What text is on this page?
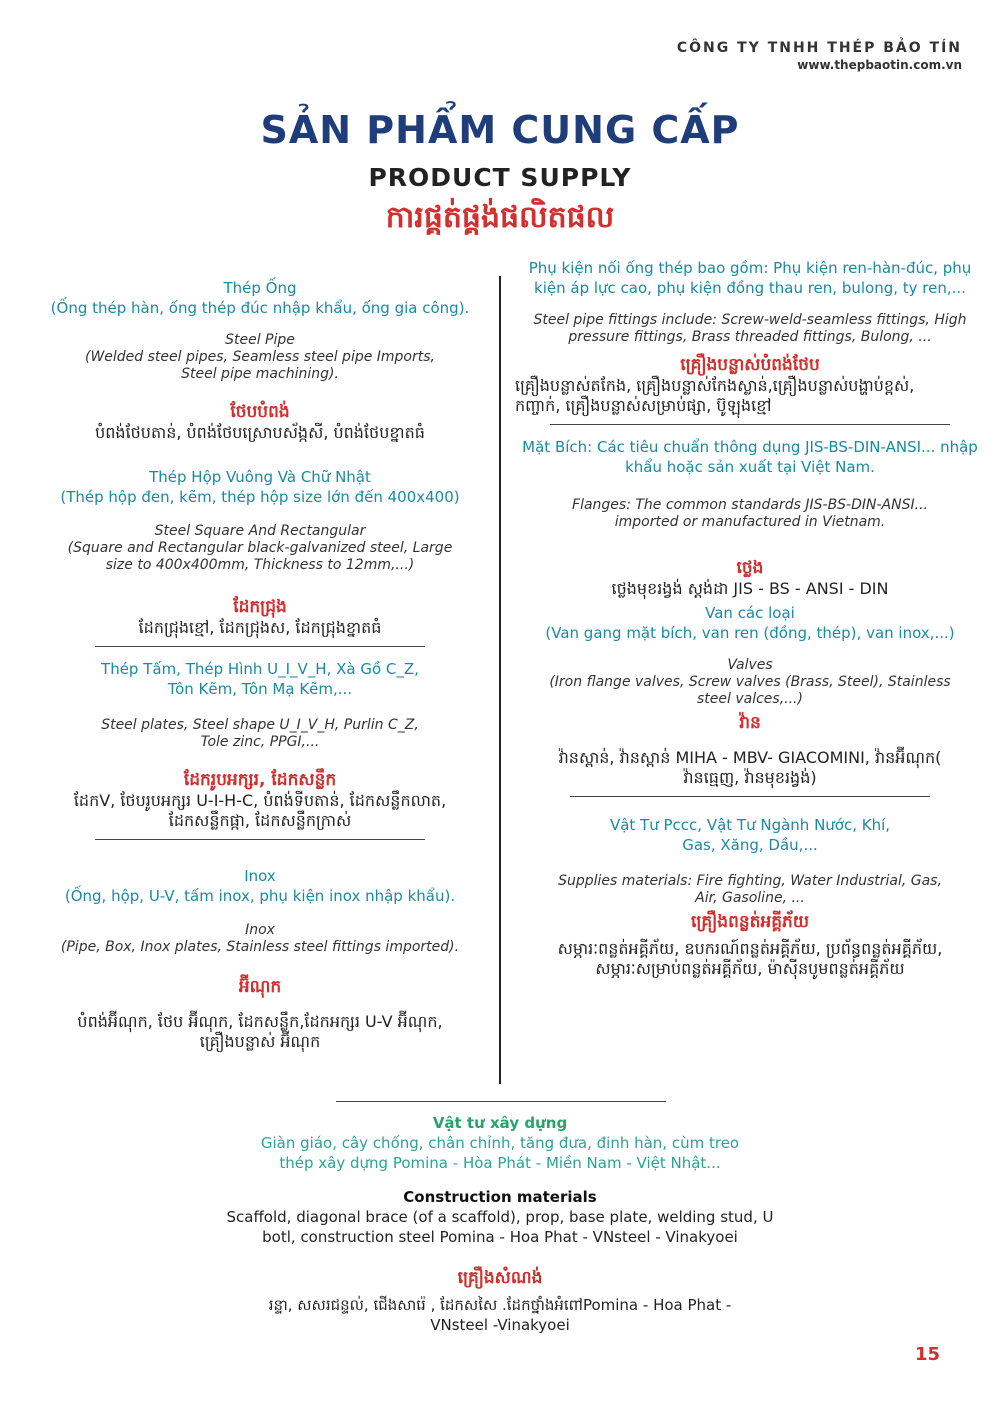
CÔNG TY TNHH THÉP BẢO TÍN
www.thepbaotin.com.vn
SẢN PHẨM CUNG CẤP
PRODUCT SUPPLY
ការផ្គត់ផ្គង់ផលិតផល
Thép Ống
(Ống thép hàn, ống thép đúc nhập khẩu, ống gia công).
Steel Pipe
(Welded steel pipes, Seamless steel pipe Imports, Steel pipe machining).
ថែបបំពង់
បំពង់ថែបតាន់, បំពង់ថែបស្រោបស័ង្កសី, បំពង់ថែបខ្នាតធំ
Thép Hộp Vuông Và Chữ Nhật
(Thép hộp đen, kẽm, thép hộp size lớn đến 400x400)
Steel Square And Rectangular
(Square and Rectangular black-galvanized steel, Large size to 400x400mm, Thickness to 12mm,...)
ដែកជ្រុង
ដែកជ្រុងខ្មៅ, ដែកជ្រុងស, ដែកជ្រុងខ្នាតធំ
Thép Tấm, Thép Hình U_I_V_H, Xà Gồ C_Z,
Tôn Kẽm, Tôn Mạ Kẽm,...
Steel plates, Steel shape U_I_V_H, Purlin C_Z,
Tole zinc, PPGI,...
ដែករូបអក្សរ, ដែកសន្លឹក
ដែកV, ថែបរូបអក្សរ U-I-H-C, បំពង់ទីបតាន់, ដែកសន្លឹកលាត, ដែកសន្លឹកផ្កា, ដែកសន្លឹកក្រាស់
Inox
(Ống, hộp, U-V, tấm inox, phụ kiện inox nhập khẩu).
Inox
(Pipe, Box, Inox plates, Stainless steel fittings imported).
អ៊ីណុក
បំពង់អ៊ីណុក, ថែប អ៊ីណុក, ដែកសន្លឹក,ដែកអក្សរ U-V អ៊ីណុក, គ្រឿងបន្លាស់ អ៊ីណុក
Phụ kiện nối ống thép bao gồm: Phụ kiện ren-hàn-đúc, phụ kiện áp lực cao, phụ kiện đồng thau ren, bulong, ty ren,...
Steel pipe fittings include: Screw-weld-seamless fittings, High pressure fittings, Brass threaded fittings, Bulong, ...
គ្រឿងបន្លាស់បំពង់ថែប
គ្រឿងបន្លាស់តកែង, គ្រឿងបន្លាស់កែងស្លាន់,គ្រឿងបន្លាស់បង្ហាប់ខ្ពស់, កញ្ចាក់, គ្រឿងបន្លាស់សម្រាប់ផ្សា, ប៊ូឡុងខ្មៅ
Mặt Bích: Các tiêu chuẩn thông dụng JIS-BS-DIN-ANSI... nhập khẩu hoặc sản xuất tại Việt Nam.
Flanges: The common standards JIS-BS-DIN-ANSI... imported or manufactured in Vietnam.
ថ្លេង
ថ្លេងមុខរង្វង់ ស្តង់ដា JIS - BS - ANSI - DIN
Van các loại
(Van gang mặt bích, van ren (đồng, thép), van inox,...)
Valves
(Iron flange valves, Screw valves (Brass, Steel), Stainless steel valces,...)
វ៉ាន
វ៉ានស្ពាន់, វ៉ានស្ពាន់ MIHA - MBV- GIACOMINI, វ៉ានអ៊ីណុក( វ៉ានធ្មេញ, វ៉ានមុខរង្វង់)
Vật Tư Pccc, Vật Tư Ngành Nước, Khí, Gas, Xăng, Dầu,...
Supplies materials: Fire fighting, Water Industrial, Gas, Air, Gasoline, ...
គ្រឿងពន្លត់អគ្គីភ័យ
សម្ភារៈពន្លត់អគ្គីភ័យ, ឧបករណ៍ពន្លត់អគ្គីភ័យ, ប្រព័ន្ធពន្លត់អគ្គីភ័យ, សម្ភារៈសម្រាប់ពន្លត់អគ្គីភ័យ, ម៉ាស៊ីនបូមពន្លត់អគ្គីភ័យ
Vật tư xây dựng
Giàn giáo, cây chống, chân chỉnh, tăng đưa, đinh hàn, cùm treo
thép xây dựng Pomina - Hòa Phát - Miền Nam - Việt Nhật...
Construction materials
Scaffold, diagonal brace (of a scaffold), prop, base plate, welding stud, U
botl, construction steel Pomina - Hoa Phat - VNsteel - Vinakyoei
គ្រឿងសំណង់
រន្ទា, សសរជន្ទល់, ជើងសារ៉េ , ដែកសសៃ .ដែកថ្នាំងអំពៅPomina - Hoa Phat -
VNsteel -Vinakyoei
15
